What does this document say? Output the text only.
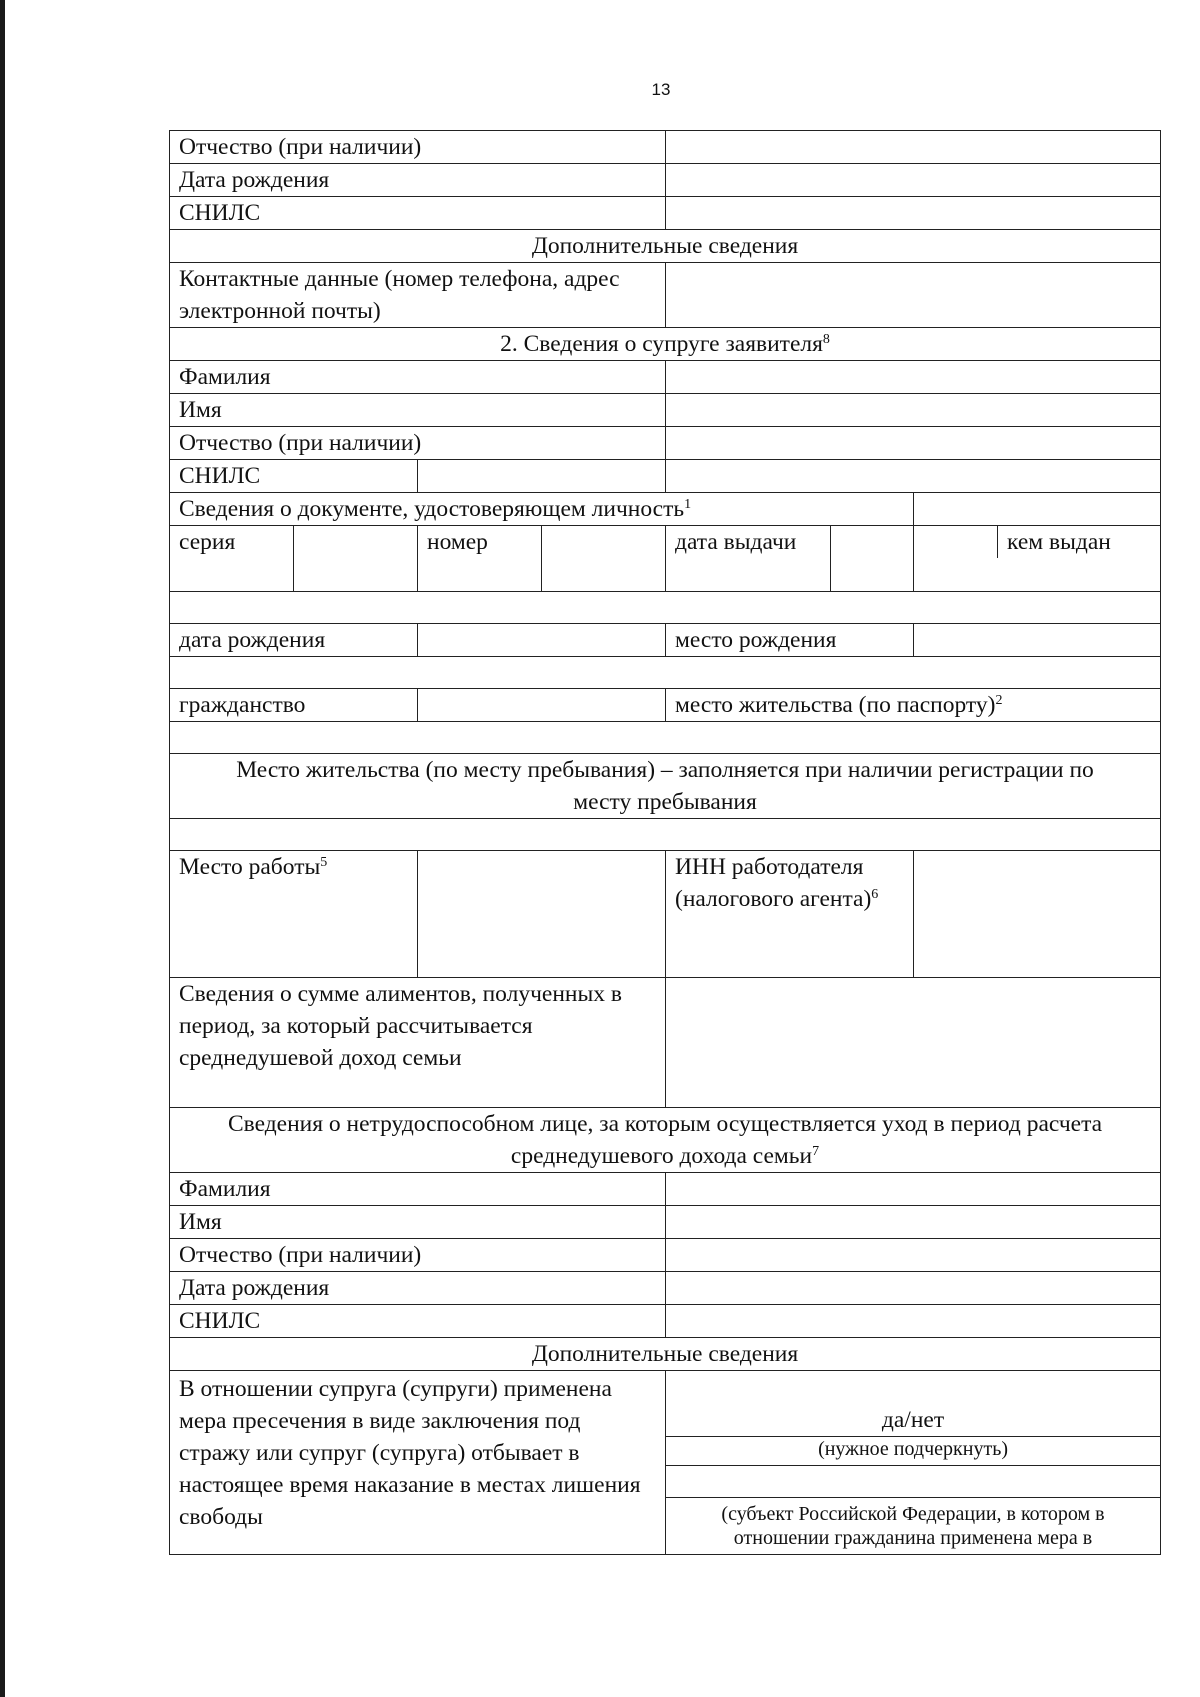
13
Отчество (при наличии)						
Дата рождения						
СНИЛС						
Дополнительные сведения						
Контактные данные (номер телефона, адрес электронной почты)						
2. Сведения о супруге заявителя$^8$
Фамилия						
Имя						
Отчество (при наличии)						
СНИЛС						
Сведения о документе, удостоверяющем личность$^1$	
серия		номер		дата выдачи		кем выдан

дата рождения				место рождения		

гражданство				место жительства (по паспорту)$^2$

Место жительства (по месту пребывания) – заполняется при наличии регистрации по месту пребывания						

Место работы$^5$				ИНН работодателя (налогового агента)$^6$	
Сведения о сумме алиментов, полученных в период, за который рассчитывается среднедушевой доход семьи						
Сведения о нетрудоспособном лице, за которым осуществляется уход в период расчета среднедушевого дохода семьи$^7$
Фамилия						
Имя						
Отчество (при наличии)						
Дата рождения						
СНИЛС						
Дополнительные сведения						
В отношении супруга (супруги) применена мера пресечения в виде заключения под стражу или супруг (супруга) отбывает в настоящее время наказание в местах лишения свободы				да/нет
(нужное подчеркнуть)
(субъект Российской Федерации, в котором в отношении гражданина применена мера в		
